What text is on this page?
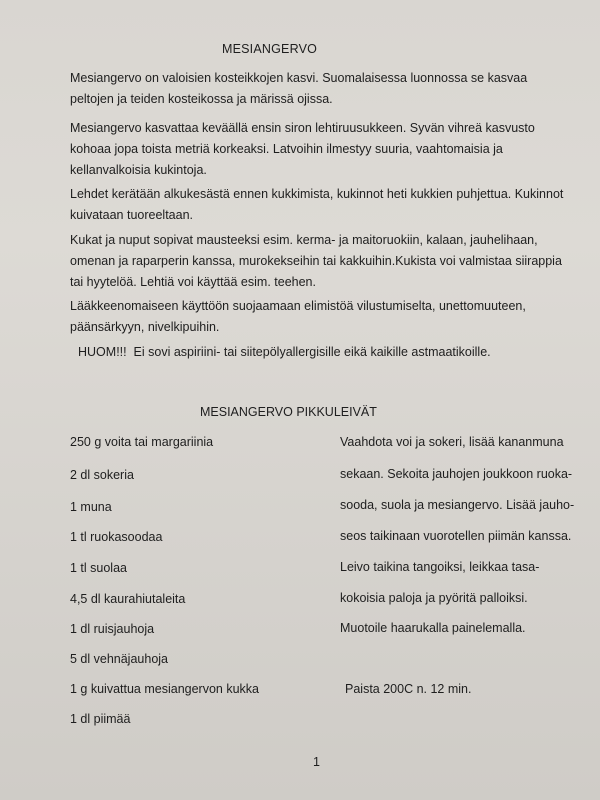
MESIANGERVO
Mesiangervo on valoisien kosteikkojen kasvi. Suomalaisessa luonnossa se kasvaa peltojen ja teiden kosteikossa ja märissä ojissa.
Mesiangervo kasvattaa keväällä ensin siron lehtiruusukkeen. Syvän vihreä kasvusto kohoaa jopa toista metriä korkeaksi. Latvoihin ilmestyy suuria, vaahtomaisia ja kellanvalkoisia kukintoja.
Lehdet kerätään alkukesästä ennen kukkimista, kukinnot heti kukkien puhjettua. Kukinnot kuivataan tuoreeltaan.
Kukat ja nuput sopivat mausteeksi esim. kerma- ja maitoruokiin, kalaan, jauhelihaan, omenan ja raparperin kanssa, murokekseihin tai kakkuihin.Kukista voi valmistaa siirappia tai hyytelöä. Lehtiä voi käyttää esim. teehen.
Lääkkeenomaiseen käyttöön suojaamaan elimistöä vilustumiselta, unettomuuteen, päänsärkyyn, nivelkipuihin.
HUOM!!!  Ei sovi aspiriini- tai siitepölyallergisille eikä kaikille astmaatikoille.
MESIANGERVO PIKKULEIVÄT
250 g voita tai margariinia
2 dl sokeria
1 muna
1 tl ruokasoodaa
1 tl suolaa
4,5 dl kaurahiutaleita
1 dl ruisjauhoja
5 dl vehnäjauhoja
1 g kuivattua mesiangervon kukka
1 dl piimää
Vaahdota voi ja sokeri, lisää kananmuna
sekaan. Sekoita jauhojen joukkoon ruoka-
sooda, suola ja mesiangervo. Lisää jauho-
seos taikinaan vuorotellen piimän kanssa.
Leivo taikina tangoiksi, leikkaa tasa-
kokoisia paloja ja pyöritä palloiksi.
Muotoile haarukalla painelemalla.
Paista 200C n. 12 min.
1
